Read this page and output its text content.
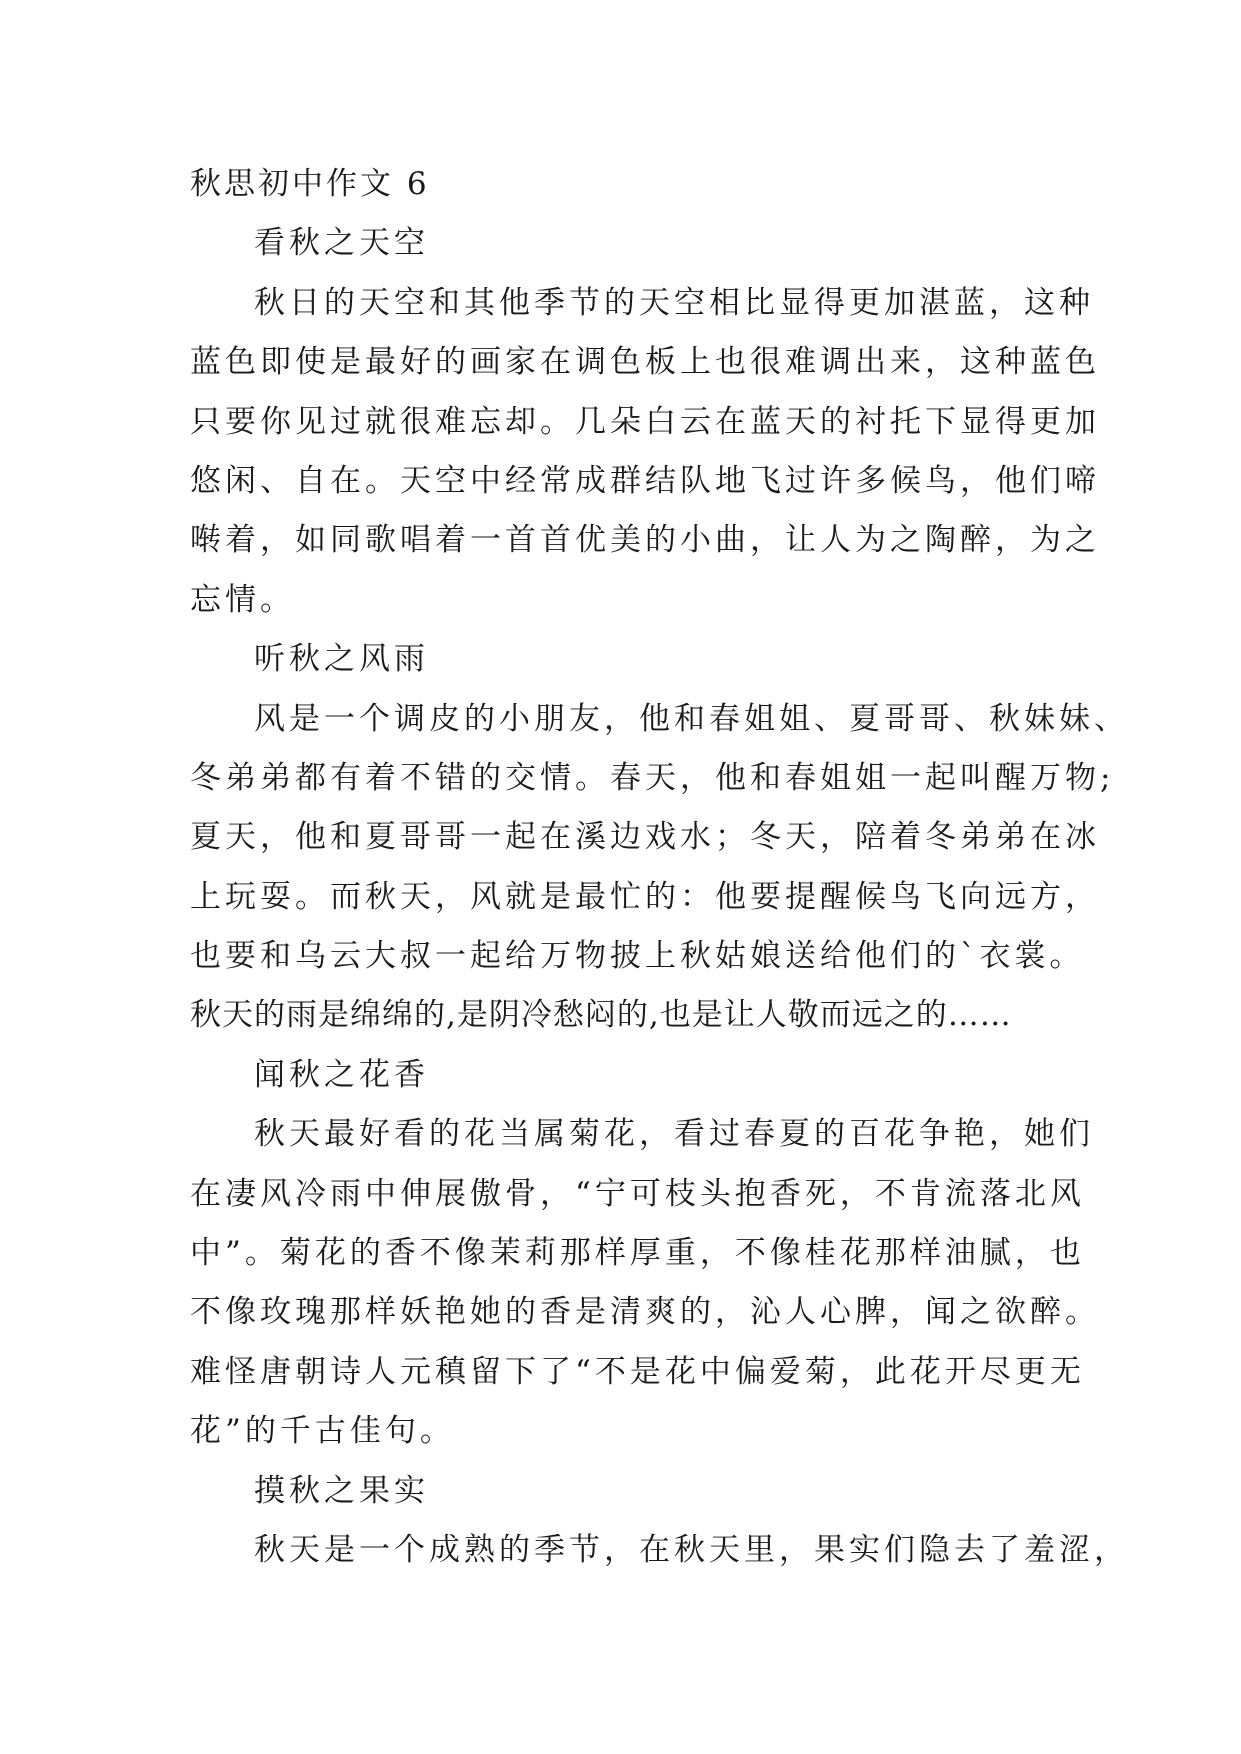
秋思初中作文 6
看秋之天空
秋日的天空和其他季节的天空相比显得更加湛蓝，这种
蓝色即使是最好的画家在调色板上也很难调出来，这种蓝色
只要你见过就很难忘却。几朵白云在蓝天的衬托下显得更加
悠闲、自在。天空中经常成群结队地飞过许多候鸟，他们啼
啭着，如同歌唱着一首首优美的小曲，让人为之陶醉，为之
忘情。
听秋之风雨
风是一个调皮的小朋友，他和春姐姐、夏哥哥、秋妹妹、
冬弟弟都有着不错的交情。春天，他和春姐姐一起叫醒万物;
夏天，他和夏哥哥一起在溪边戏水；冬天，陪着冬弟弟在冰
上玩耍。而秋天，风就是最忙的：他要提醒候鸟飞向远方，
也要和乌云大叔一起给万物披上秋姑娘送给他们的`衣裳。
秋天的雨是绵绵的,是阴冷愁闷的,也是让人敬而远之的……
闻秋之花香
秋天最好看的花当属菊花，看过春夏的百花争艳，她们
在凄风冷雨中伸展傲骨，“宁可枝头抱香死，不肯流落北风
中”。菊花的香不像茉莉那样厚重，不像桂花那样油腻，也
不像玫瑰那样妖艳她的香是清爽的，沁人心脾，闻之欲醉。
难怪唐朝诗人元稹留下了“不是花中偏爱菊，此花开尽更无
花”的千古佳句。
摸秋之果实
秋天是一个成熟的季节，在秋天里，果实们隐去了羞涩，
